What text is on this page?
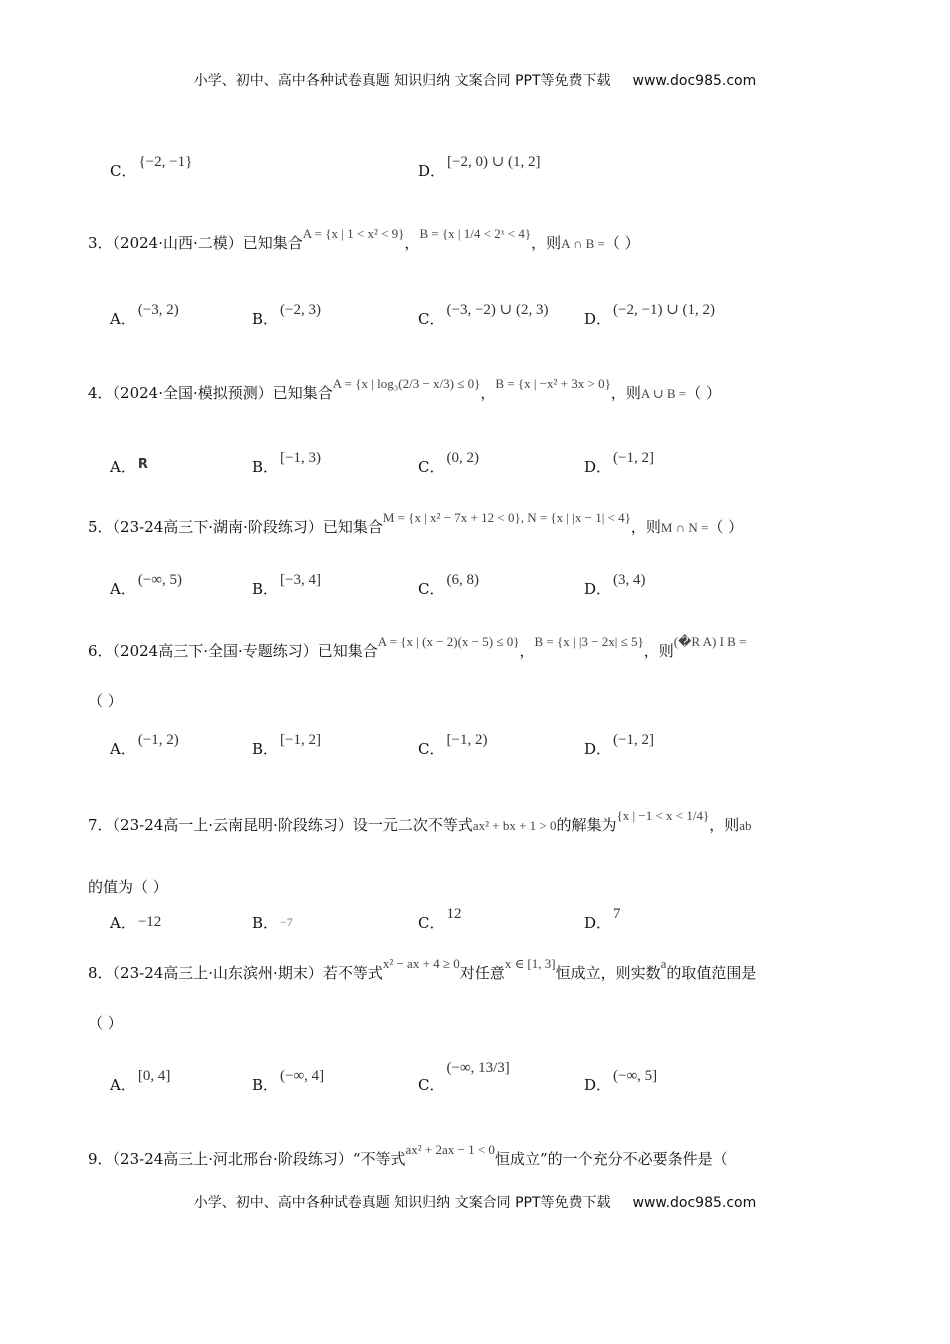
小学、初中、高中各种试卷真题 知识归纳 文案合同 PPT等免费下载 www.doc985.com
C． {−2, −1}	D． [−2, 0) ∪ (1, 2]
3．（2024·山西·二模）已知集合A = {x | 1 < x² < 9}，B = {x | 1/4 < 2ˣ < 4}，则A ∩ B =（ ）
A． (−3, 2)	B． (−2, 3)	C． (−3, −2) ∪ (2, 3) D． (−2, −1) ∪ (1, 2)
4．（2024·全国·模拟预测）已知集合A = {x | log₃(2/3 − x/3) ≤ 0}，B = {x | −x² + 3x > 0}，则A ∪ B =（ ）
A． R	B． [−1, 3)	C． (0, 2)	D． (−1, 2]
5．（23-24高三下·湖南·阶段练习）已知集合M = {x | x² − 7x + 12 < 0}, N = {x | |x − 1| < 4}，则M ∩ N =（ ）
A． (−∞, 5)	B． [−3, 4]	C． (6, 8)	D． (3, 4)
6．（2024高三下·全国·专题练习）已知集合A = {x | (x − 2)(x − 5) ≤ 0}，B = {x | |3 − 2x| ≤ 5}，则(�R A) I B =
（ ）
A． (−1, 2)	B． [−1, 2]	C． [−1, 2)	D． (−1, 2]
7．（23-24高一上·云南昆明·阶段练习）设一元二次不等式ax² + bx + 1 > 0的解集为{x | −1 < x < 1/4}，则ab
的值为（ ）
A． −12	B． −7	C． 12	D． 7
8．（23-24高三上·山东滨州·期末）若不等式x² − ax + 4 ≥ 0对任意x ∈ [1, 3]恒成立，则实数a的取值范围是
（ ）
A． [0, 4]	B． (−∞, 4]	C．(−∞, 13/3]
D． (−∞, 5]
9．（23-24高三上·河北邢台·阶段练习）“不等式ax² + 2ax − 1 < 0恒成立”的一个充分不必要条件是（
小学、初中、高中各种试卷真题 知识归纳 文案合同 PPT等免费下载 www.doc985.com
